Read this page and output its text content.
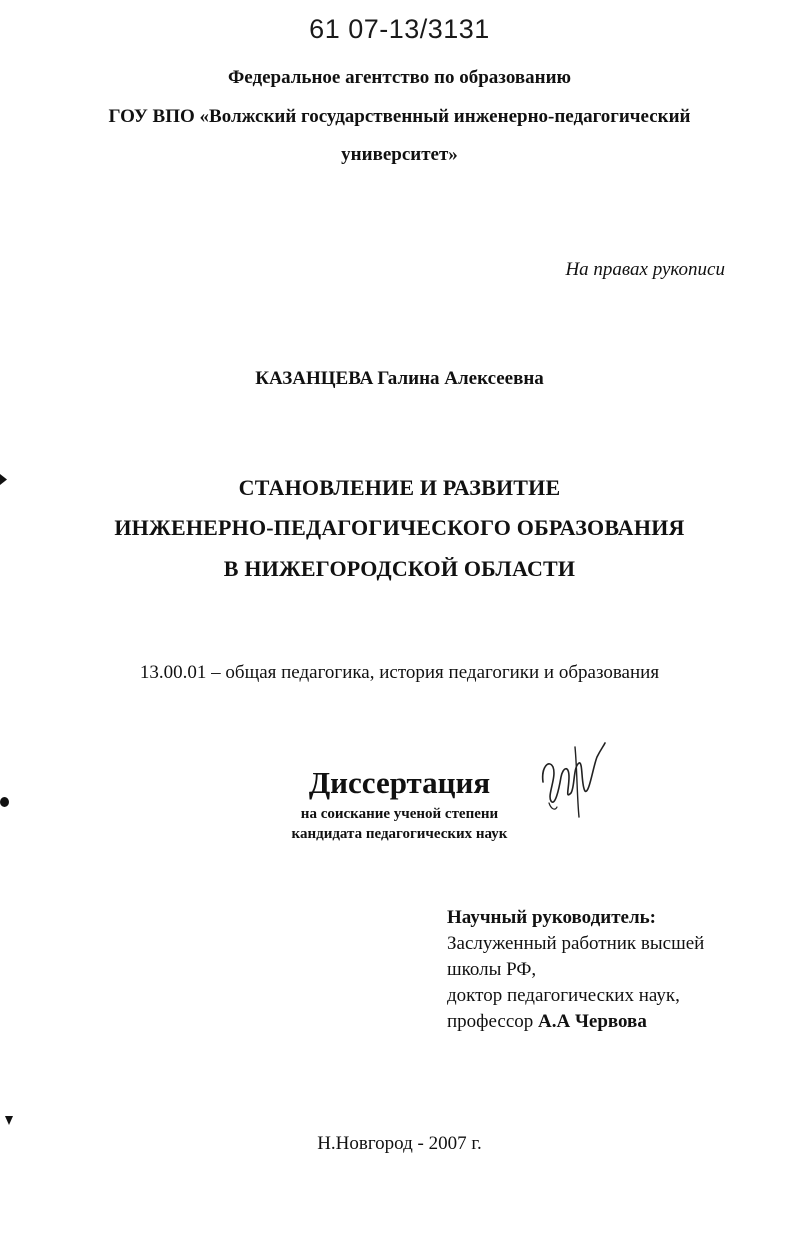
61 07-13/3131
Федеральное агентство по образованию
ГОУ ВПО «Волжский государственный инженерно-педагогический
университет»
На правах рукописи
КАЗАНЦЕВА Галина Алексеевна
СТАНОВЛЕНИЕ И РАЗВИТИЕ
ИНЖЕНЕРНО-ПЕДАГОГИЧЕСКОГО ОБРАЗОВАНИЯ
В НИЖЕГОРОДСКОЙ ОБЛАСТИ
13.00.01 – общая педагогика, история педагогики и образования
Диссертация
на соискание ученой степени
кандидата педагогических наук
Научный руководитель:
Заслуженный работник высшей
школы РФ,
доктор педагогических наук,
профессор А.А Червова
Н.Новгород - 2007 г.
